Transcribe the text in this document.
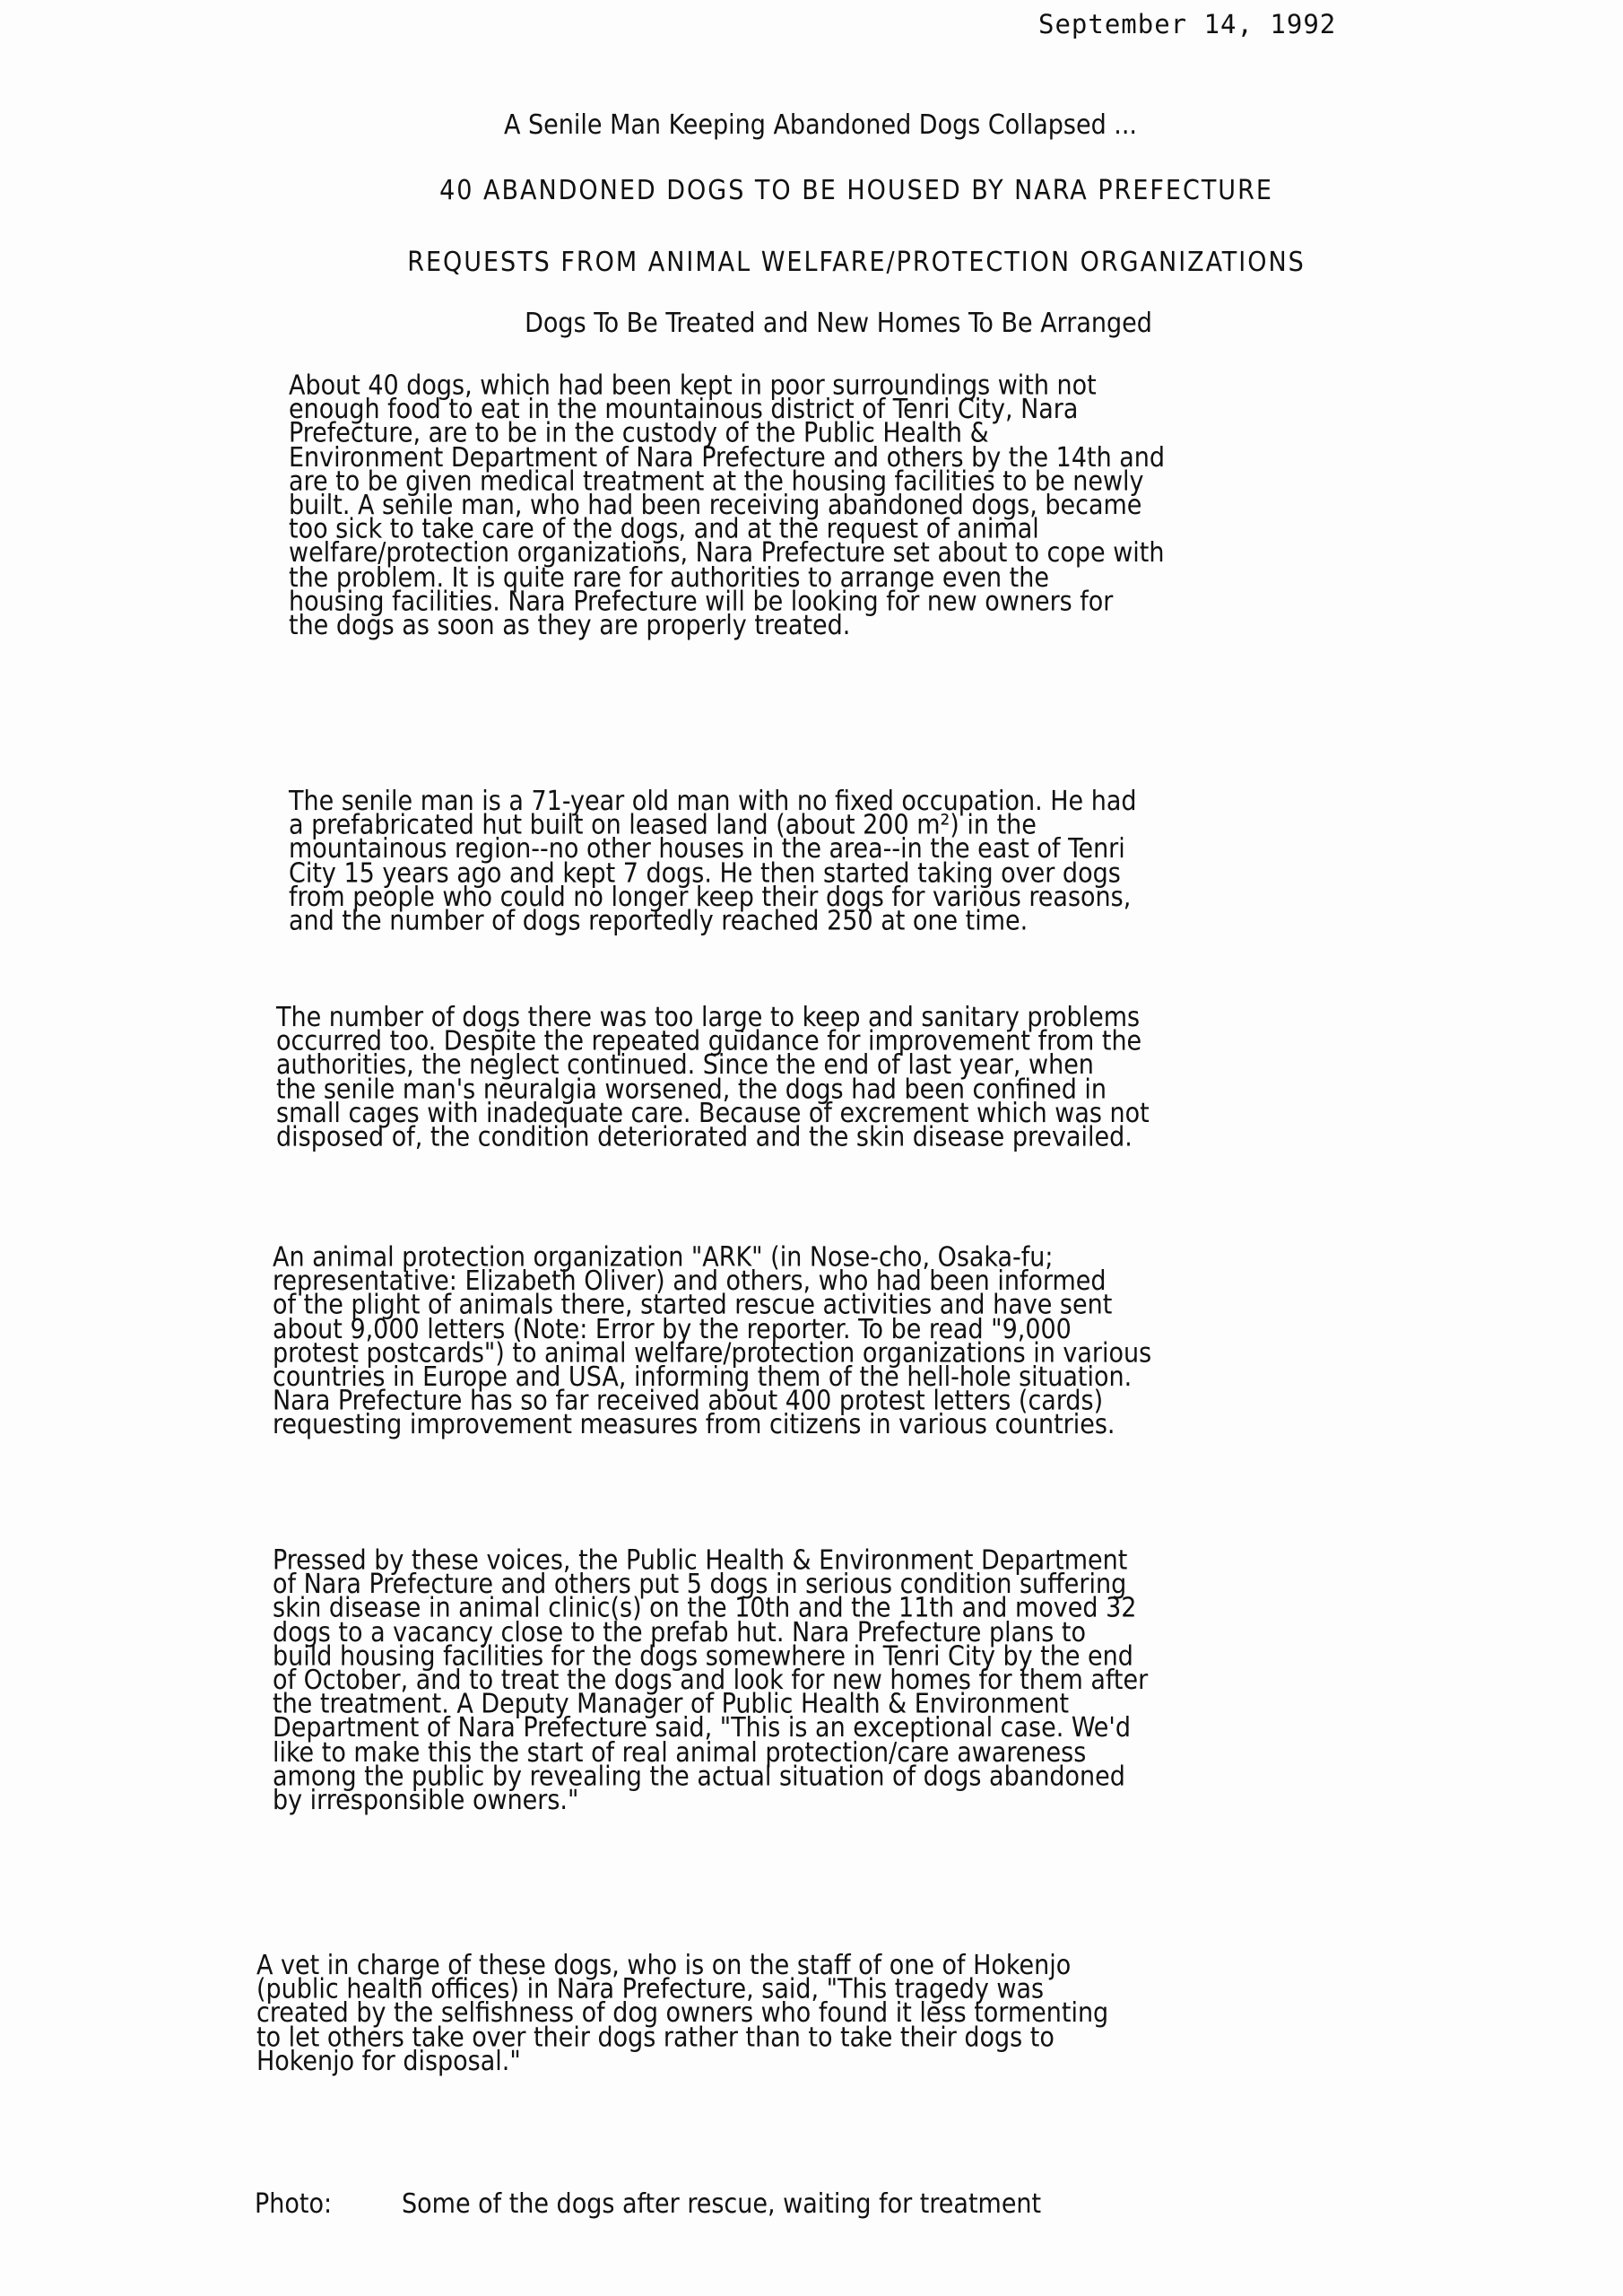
September 14, 1992
A Senile Man Keeping Abandoned Dogs Collapsed ...
40 ABANDONED DOGS TO BE HOUSED BY NARA PREFECTURE
REQUESTS FROM ANIMAL WELFARE/PROTECTION ORGANIZATIONS
Dogs To Be Treated and New Homes To Be Arranged
About 40 dogs, which had been kept in poor surroundings with not
enough food to eat in the mountainous district of Tenri City, Nara
Prefecture, are to be in the custody of the Public Health &
Environment Department of Nara Prefecture and others by the 14th and
are to be given medical treatment at the housing facilities to be newly
built. A senile man, who had been receiving abandoned dogs, became
too sick to take care of the dogs, and at the request of animal
welfare/protection organizations, Nara Prefecture set about to cope with
the problem. It is quite rare for authorities to arrange even the
housing facilities. Nara Prefecture will be looking for new owners for
the dogs as soon as they are properly treated.
The senile man is a 71-year old man with no fixed occupation. He had
a prefabricated hut built on leased land (about 200 m²) in the
mountainous region--no other houses in the area--in the east of Tenri
City 15 years ago and kept 7 dogs. He then started taking over dogs
from people who could no longer keep their dogs for various reasons,
and the number of dogs reportedly reached 250 at one time.
The number of dogs there was too large to keep and sanitary problems
occurred too. Despite the repeated guidance for improvement from the
authorities, the neglect continued. Since the end of last year, when
the senile man's neuralgia worsened, the dogs had been confined in
small cages with inadequate care. Because of excrement which was not
disposed of, the condition deteriorated and the skin disease prevailed.
An animal protection organization "ARK" (in Nose-cho, Osaka-fu;
representative: Elizabeth Oliver) and others, who had been informed
of the plight of animals there, started rescue activities and have sent
about 9,000 letters (Note: Error by the reporter. To be read "9,000
protest postcards") to animal welfare/protection organizations in various
countries in Europe and USA, informing them of the hell-hole situation.
Nara Prefecture has so far received about 400 protest letters (cards)
requesting improvement measures from citizens in various countries.
Pressed by these voices, the Public Health & Environment Department
of Nara Prefecture and others put 5 dogs in serious condition suffering
skin disease in animal clinic(s) on the 10th and the 11th and moved 32
dogs to a vacancy close to the prefab hut. Nara Prefecture plans to
build housing facilities for the dogs somewhere in Tenri City by the end
of October, and to treat the dogs and look for new homes for them after
the treatment. A Deputy Manager of Public Health & Environment
Department of Nara Prefecture said, "This is an exceptional case. We'd
like to make this the start of real animal protection/care awareness
among the public by revealing the actual situation of dogs abandoned
by irresponsible owners."
A vet in charge of these dogs, who is on the staff of one of Hokenjo
(public health offices) in Nara Prefecture, said, "This tragedy was
created by the selfishness of dog owners who found it less tormenting
to let others take over their dogs rather than to take their dogs to
Hokenjo for disposal."
Photo:	Some of the dogs after rescue, waiting for treatment
